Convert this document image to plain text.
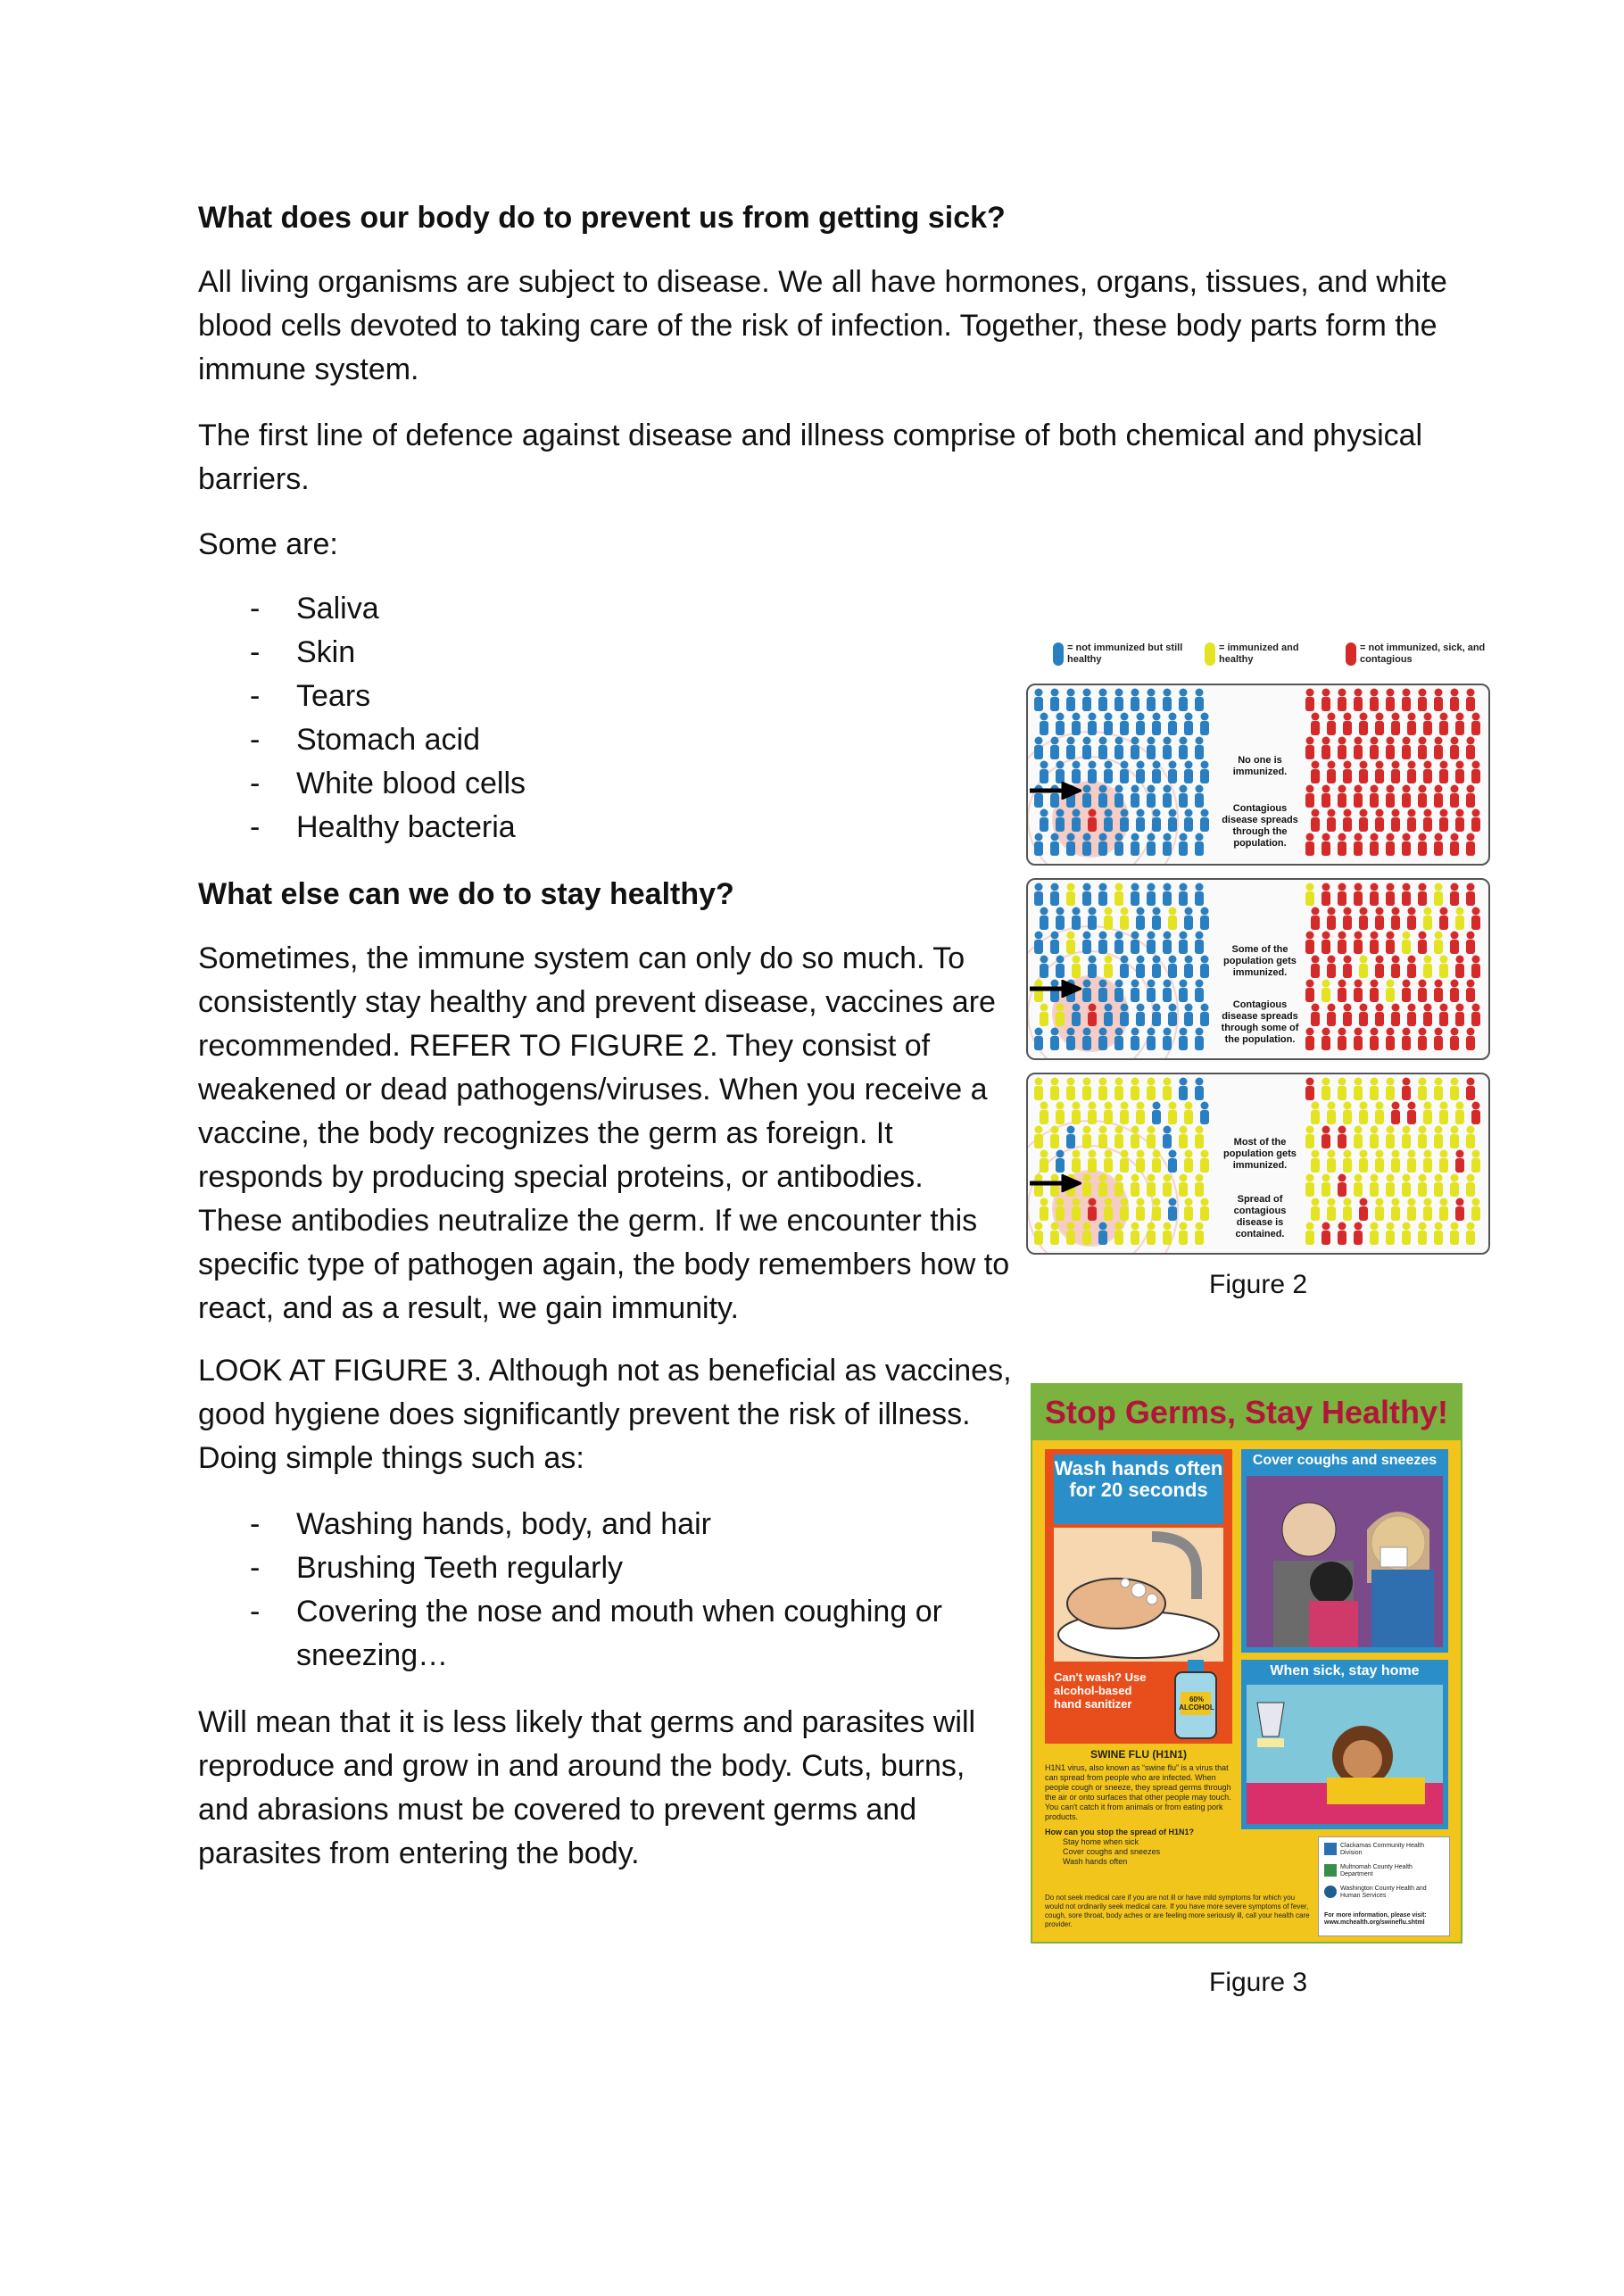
What does our body do to prevent us from getting sick?

All living organisms are subject to disease. We all have hormones, organs, tissues, and white blood cells devoted to taking care of the risk of infection. Together, these body parts form the immune system.

The first line of defence against disease and illness comprise of both chemical and physical barriers.

Some are:

- Saliva
- Skin
- Tears
- Stomach acid
- White blood cells
- Healthy bacteria
What else can we do to stay healthy?

Sometimes, the immune system can only do so much. To consistently stay healthy and prevent disease, vaccines are recommended. REFER TO FIGURE 2. They consist of weakened or dead pathogens/viruses. When you receive a vaccine, the body recognizes the germ as foreign. It responds by producing special proteins, or antibodies. These antibodies neutralize the germ. If we encounter this specific type of pathogen again, the body remembers how to react, and as a result, we gain immunity.

LOOK AT FIGURE 3. Although not as beneficial as vaccines, good hygiene does significantly prevent the risk of illness. Doing simple things such as:

- Washing hands, body, and hair
- Brushing Teeth regularly
- Covering the nose and mouth when coughing or sneezing…

Will mean that it is less likely that germs and parasites will reproduce and grow in and around the body. Cuts, burns, and abrasions must be covered to prevent germs and parasites from entering the body.

= not immunized but still healthy
= immunized and healthy
= not immunized, sick, and contagious
No one is immunized.
Contagious disease spreads through the population.
Some of the population gets immunized.
Contagious disease spreads through some of the population.
Most of the population gets immunized.
Spread of contagious disease is contained.
Figure 2
Stop Germs, Stay Healthy!
Wash hands often for 20 seconds
Can't wash? Use alcohol-based hand sanitizer	60% ALCOHOL
Cover coughs and sneezes
When sick, stay home
SWINE FLU (H1N1)
H1N1 virus, also known as “swine flu” is a virus that can spread from people who are infected. When people cough or sneeze, they spread germs through the air or onto surfaces that other people may touch. You can't catch it from animals or from eating pork products.
How can you stop the spread of H1N1?
Stay home when sick
Cover coughs and sneezes
Wash hands often
Do not seek medical care if you are not ill or have mild symptoms for which you would not ordinarily seek medical care. If you have more severe symptoms of fever, cough, sore throat, body aches or are feeling more seriously ill, call your health care provider.
Clackamas Community Health Division
Multnomah County Health Department
Washington County Health and Human Services
For more information, please visit: www.mchealth.org/swineflu.shtml
Figure 3
